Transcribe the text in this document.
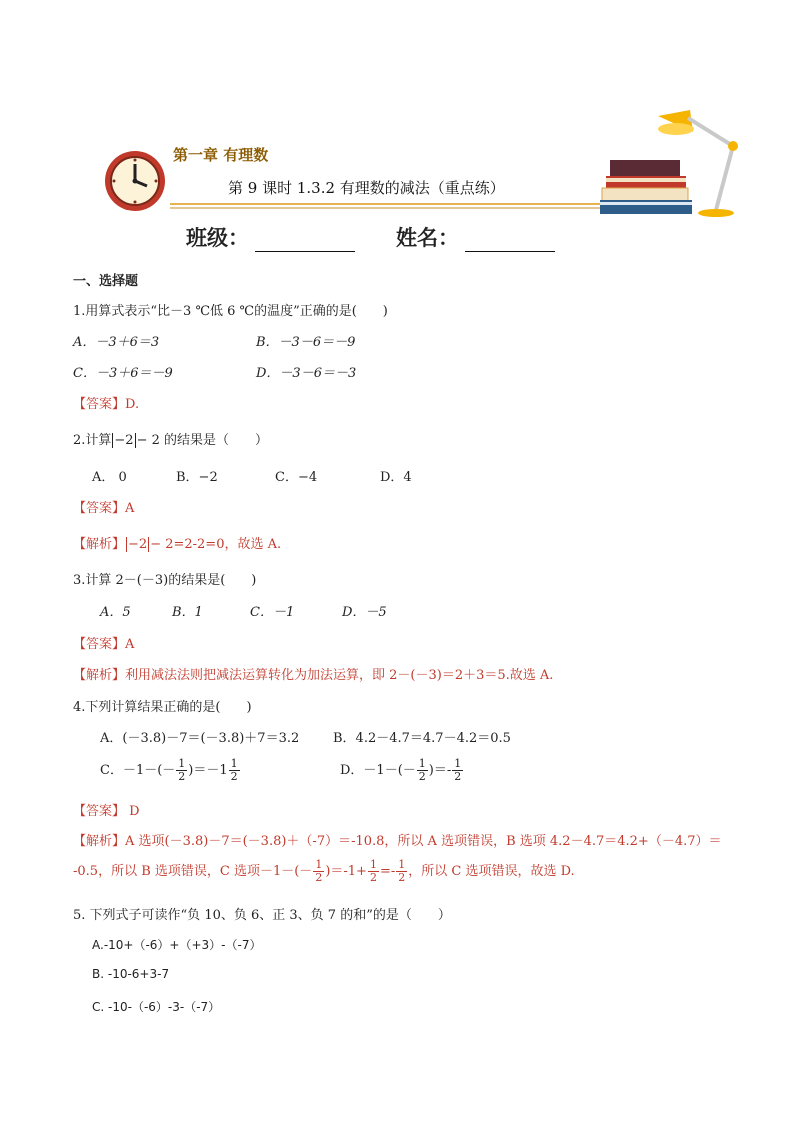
第一章 有理数
第 9 课时 1.3.2 有理数的减法（重点练）
班级：	姓名：
一、选择题
1.用算式表示“比－3 ℃低 6 ℃的温度”正确的是(　　)
A．－3＋6＝3	B．－3－6＝－9
C．－3＋6＝－9	D．－3－6＝－3
【答案】D.
2.计算 −2 − 2 的结果是（　　）
A． 0	B．−2	C．−4	D．4
【答案】A
【解析】 −2 − 2=2-2=0，故选 A.
3.计算 2－(－3)的结果是(　　)
A．5	B．1	C．－1	D．－5
【答案】A
【解析】利用减法法则把减法运算转化为加法运算，即 2－(－3)＝2＋3＝5.故选 A.
4.下列计算结果正确的是(　　)
A．(－3.8)－7＝(－3.8)＋7＝3.2	B．4.2－4.7＝4.7－4.2＝0.5
C．$-1-(- \frac{1}{2} )=-1 \frac{1}{2}$	D．$-1-(- \frac{1}{2}$ )＝- $\frac{1}{2}$
【答案】 D
【解析】A 选项(－3.8)－7＝(－3.8)＋（-7）＝-10.8，所以 A 选项错误，B 选项 4.2－4.7＝4.2+（－4.7）＝
-0.5，所以 B 选项错误，C 选项$-1-(- \frac{1}{2} )=-1+ \frac{1}{2} =- \frac{1}{2}$ ，所以 C 选项错误，故选 D.
5. 下列式子可读作“负 10、负 6、正 3、负 7 的和”的是（　　）
A.-10+（-6）+（+3）-（-7）
B. -10-6+3-7
C. -10-（-6）-3-（-7）
